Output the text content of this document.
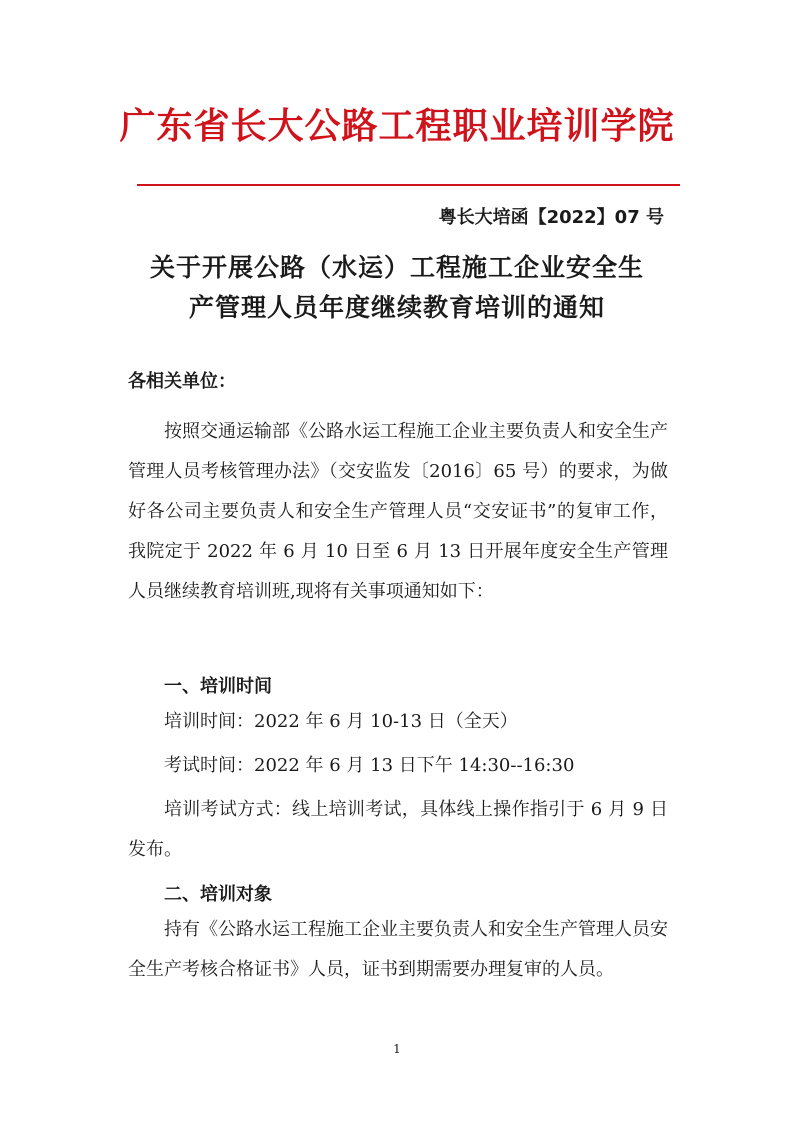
广东省长大公路工程职业培训学院
粤长大培函【2022】07 号
关于开展公路（水运）工程施工企业安全生
产管理人员年度继续教育培训的通知
各相关单位：

按照交通运输部《公路水运工程施工企业主要负责人和安全生产管理人员考核管理办法》（交安监发〔2016〕65 号）的要求，为做好各公司主要负责人和安全生产管理人员“交安证书”的复审工作，我院定于 2022 年 6 月 10 日至 6 月 13 日开展年度安全生产管理人员继续教育培训班,现将有关事项通知如下：

一、培训时间
培训时间：2022 年 6 月 10-13 日（全天）
考试时间：2022 年 6 月 13 日下午 14:30--16:30

培训考试方式：线上培训考试，具体线上操作指引于 6 月 9 日发布。

二、培训对象

持有《公路水运工程施工企业主要负责人和安全生产管理人员安全生产考核合格证书》人员，证书到期需要办理复审的人员。

1
